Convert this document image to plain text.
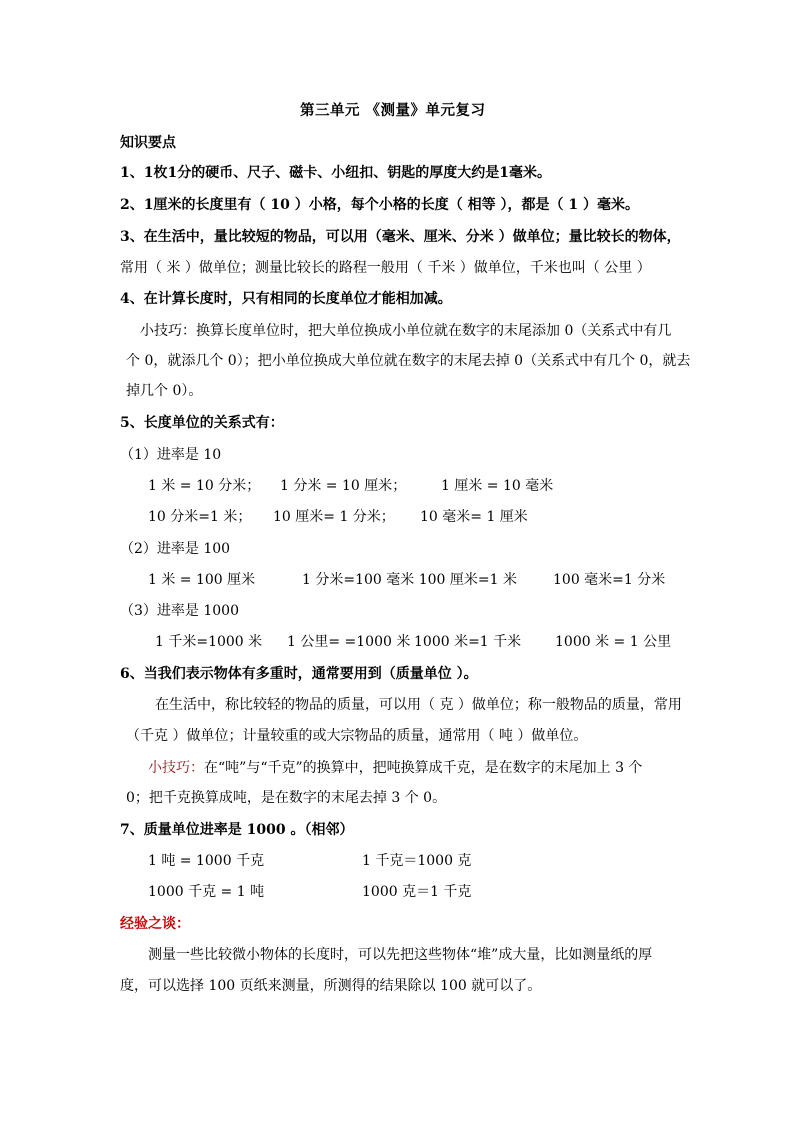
第三单元 《测量》单元复习
知识要点
1、1枚1分的硬币、尺子、磁卡、小纽扣、钥匙的厚度大约是1毫米。
2、1厘米的长度里有（ 10 ）小格，每个小格的长度（ 相等 ），都是（ 1 ）毫米。
3、在生活中，量比较短的物品，可以用（毫米、厘米、分米 ）做单位；量比较长的物体，
常用（ 米 ）做单位；测量比较长的路程一般用（ 千米 ）做单位，千米也叫（ 公里 ）
4、在计算长度时，只有相同的长度单位才能相加减。
小技巧：换算长度单位时，把大单位换成小单位就在数字的末尾添加 0（关系式中有几
个 0，就添几个 0）；把小单位换成大单位就在数字的末尾去掉 0（关系式中有几个 0，就去
掉几个 0）。
5、长度单位的关系式有：
（1）进率是 10
1 米 = 10 分米； 1 分米 = 10 厘米； 1 厘米 = 10 毫米
10 分米=1 米； 10 厘米= 1 分米； 10 毫米= 1 厘米
（2）进率是 100
1 米 = 100 厘米	1 分米=100 毫米 100 厘米=1 米	100 毫米=1 分米
（3）进率是 1000
1 千米=1000 米 1 公里= =1000 米 1000 米=1 千米 1000 米 = 1 公里
6、当我们表示物体有多重时，通常要用到（质量单位 ）。
在生活中，称比较轻的物品的质量，可以用（ 克 ）做单位；称一般物品的质量，常用
（千克 ）做单位；计量较重的或大宗物品的质量，通常用（ 吨 ）做单位。
小技巧：在“吨”与“千克”的换算中，把吨换算成千克，是在数字的末尾加上 3 个
0；把千克换算成吨，是在数字的末尾去掉 3 个 0。
7、质量单位进率是 1000 。（相邻）
1 吨 = 1000 千克	1 千克＝1000 克
1000 千克 = 1 吨	1000 克＝1 千克
经验之谈：
测量一些比较微小物体的长度时，可以先把这些物体“堆”成大量，比如测量纸的厚
度，可以选择 100 页纸来测量，所测得的结果除以 100 就可以了。
